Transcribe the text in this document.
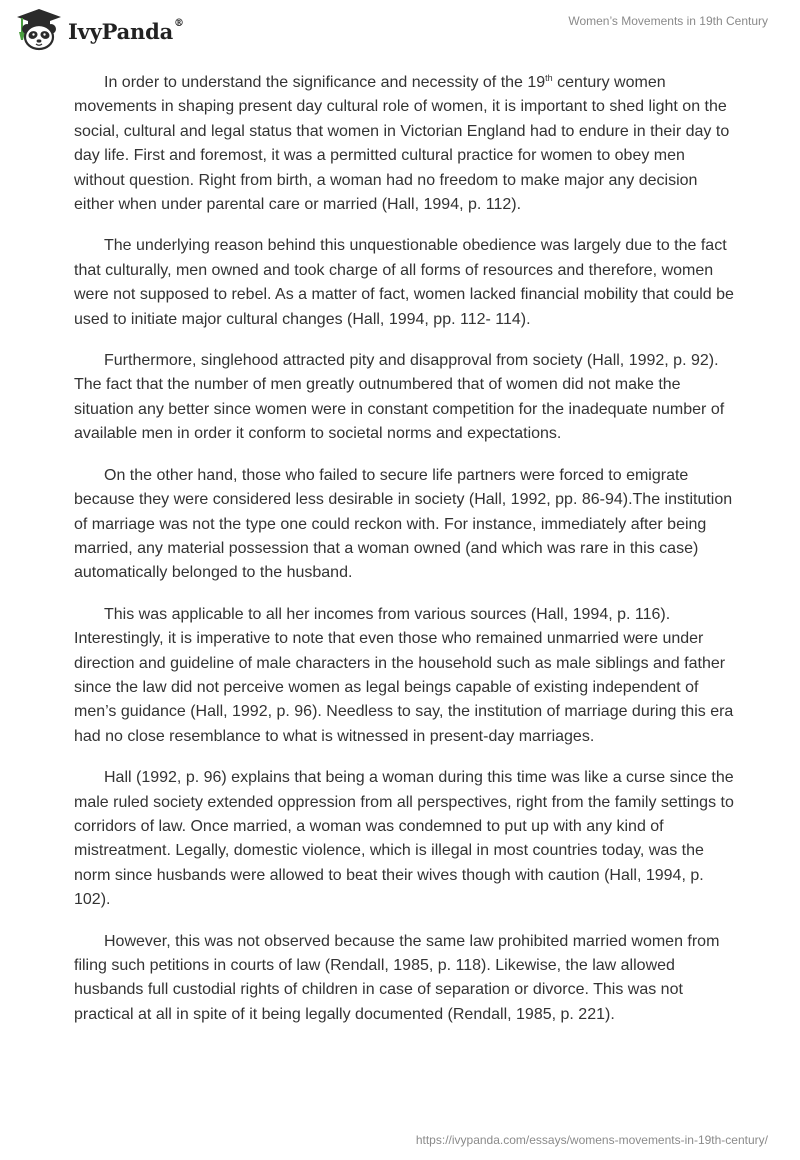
IvyPanda®	Women’s Movements in 19th Century

In order to understand the significance and necessity of the 19th century women movements in shaping present day cultural role of women, it is important to shed light on the social, cultural and legal status that women in Victorian England had to endure in their day to day life. First and foremost, it was a permitted cultural practice for women to obey men without question. Right from birth, a woman had no freedom to make major any decision either when under parental care or married (Hall, 1994, p. 112).

The underlying reason behind this unquestionable obedience was largely due to the fact that culturally, men owned and took charge of all forms of resources and therefore, women were not supposed to rebel. As a matter of fact, women lacked financial mobility that could be used to initiate major cultural changes (Hall, 1994, pp. 112- 114).

Furthermore, singlehood attracted pity and disapproval from society (Hall, 1992, p. 92). The fact that the number of men greatly outnumbered that of women did not make the situation any better since women were in constant competition for the inadequate number of available men in order it conform to societal norms and expectations.

On the other hand, those who failed to secure life partners were forced to emigrate because they were considered less desirable in society (Hall, 1992, pp. 86-94).The institution of marriage was not the type one could reckon with. For instance, immediately after being married, any material possession that a woman owned (and which was rare in this case) automatically belonged to the husband.

This was applicable to all her incomes from various sources (Hall, 1994, p. 116). Interestingly, it is imperative to note that even those who remained unmarried were under direction and guideline of male characters in the household such as male siblings and father since the law did not perceive women as legal beings capable of existing independent of men’s guidance (Hall, 1992, p. 96). Needless to say, the institution of marriage during this era had no close resemblance to what is witnessed in present-day marriages.

Hall (1992, p. 96) explains that being a woman during this time was like a curse since the male ruled society extended oppression from all perspectives, right from the family settings to corridors of law. Once married, a woman was condemned to put up with any kind of mistreatment. Legally, domestic violence, which is illegal in most countries today, was the norm since husbands were allowed to beat their wives though with caution (Hall, 1994, p. 102).

However, this was not observed because the same law prohibited married women from filing such petitions in courts of law (Rendall, 1985, p. 118). Likewise, the law allowed husbands full custodial rights of children in case of separation or divorce. This was not practical at all in spite of it being legally documented (Rendall, 1985, p. 221).

https://ivypanda.com/essays/womens-movements-in-19th-century/
